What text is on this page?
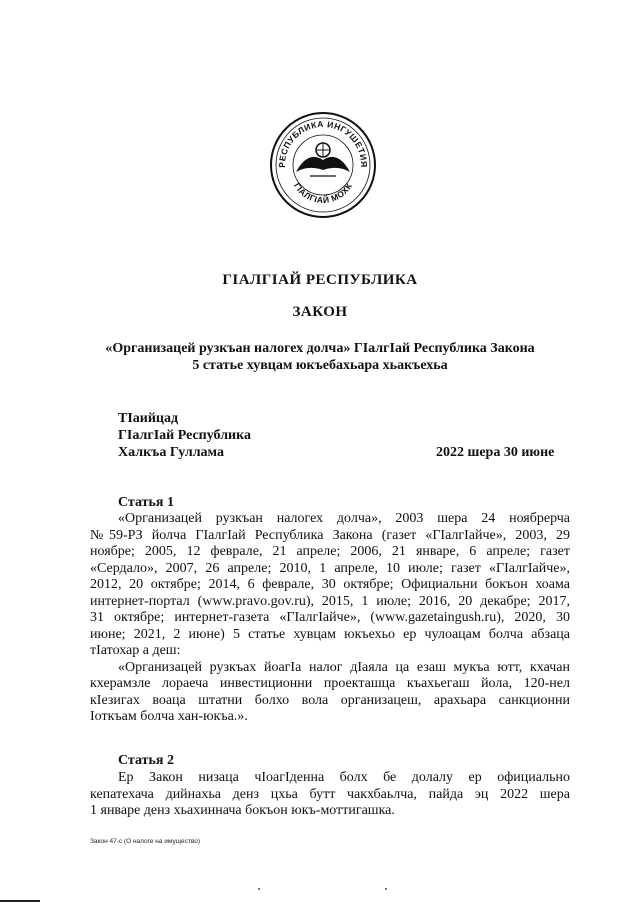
РЕСПУБЛИКА ИНГУШЕТИЯ
ГIАЛГIАЙ МОХК
ГIАЛГIАЙ РЕСПУБЛИКА
ЗАКОН
«Организацей рузкъан налогех долча» ГIалгIай Республика Закона
5 статье хувцам юкъебахьара хьакъехьа
ТIаийцад
ГIалгIай Республика
Халкъа Гуллама	2022 шера 30 июне
Статья 1
«Организацей рузкъан налогех долча», 2003 шера 24 ноябрерча
№59-РЗ йолча ГIалгIай Республика Закона (газет «ГIалгIайче», 2003, 29
ноябре; 2005, 12 феврале, 21 апреле; 2006, 21 январе, 6 апреле; газет
«Сердало», 2007, 26 апреле; 2010, 1 апреле, 10 июле; газет «ГIалгIайче»,
2012, 20 октябре; 2014, 6 феврале, 30 октябре; Официальни бокъон хоама
интернет-портал (www.pravo.gov.ru), 2015, 1 июле; 2016, 20 декабре; 2017,
31 октябре; интернет-газета «ГIалгIайче», (www.gazetaingush.ru), 2020, 30
июне; 2021, 2 июне) 5 статье хувцам юкъехьо ер чулоацам болча абзаца
тIатохар а деш:
«Организацей рузкъах йоагIа налог дIаяла ца езаш мукъа ютт, кхачан
кхерамзле лораеча инвестиционни проекташца къахьегаш йола, 120-нел
кIезигах воаца штатни болхо вола организацеш, арахьара санкционни
Iоткъам болча хан-юкъа.».
Статья 2
Ер Закон низаца чIоагIденна болх бе долалу ер официально
кепатехача дийнахьа денз цхьа бутт чакхбаьлча, пайда эц 2022 шера
1 январе денз хьахиннача бокъон юкъ-моттигашка.
Закон 47-с (О налоге на имущество)
